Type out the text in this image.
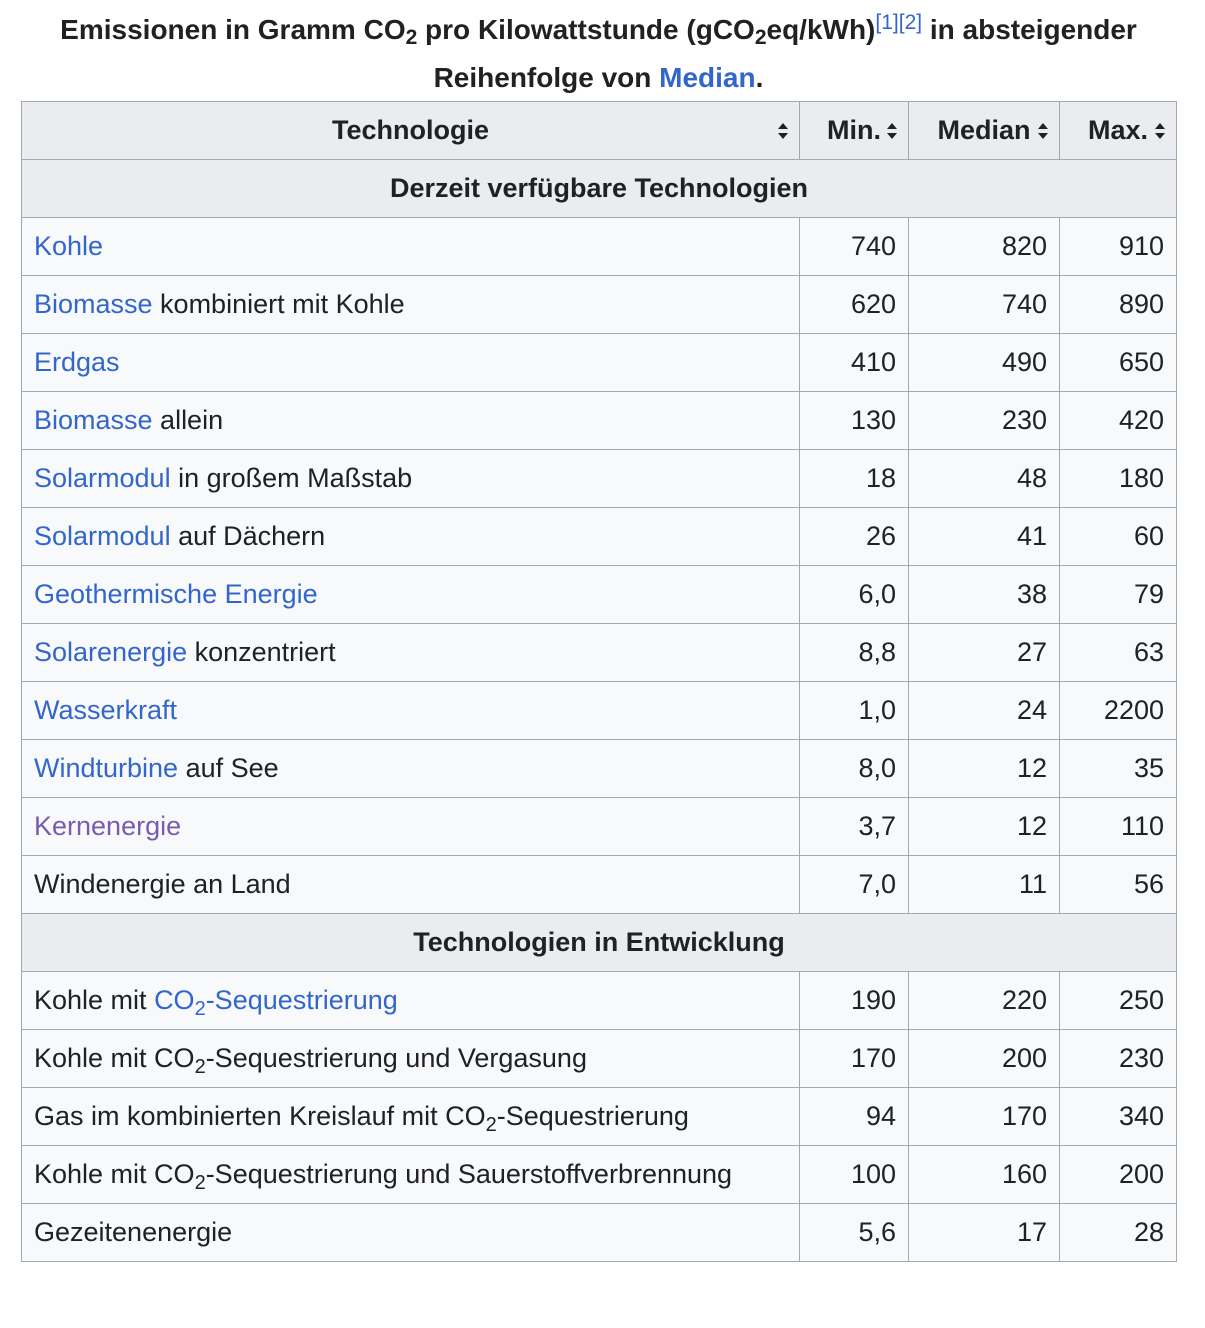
Emissionen in Gramm $CO_2$ pro Kilowattstunde (gCO$_2$eq/kWh)[1][2] in absteigender Reihenfolge von Median.
Technologie	Min.	Median	Max.

Derzeit verfügbare Technologien			
Kohle	740	820	910
Biomasse kombiniert mit Kohle	620	740	890
Erdgas	410	490	650
Biomasse allein	130	230	420
Solarmodul in großem Maßstab	18	48	180
Solarmodul auf Dächern	26	41	60
Geothermische Energie	6,0	38	79
Solarenergie konzentriert	8,8	27	63
Wasserkraft	1,0	24	2200
Windturbine auf See	8,0	12	35
Kernenergie	3,7	12	110
Windenergie an Land	7,0	11	56
Technologien in Entwicklung			
Kohle mit $CO_2$-Sequestrierung	190	220	250
Kohle mit $CO_2$-Sequestrierung und Vergasung	170	200	230
Gas im kombinierten Kreislauf mit $CO_2$-Sequestrierung	94	170	340
Kohle mit $CO_2$-Sequestrierung und Sauerstoffverbrennung	100	160	200
Gezeitenenergie	5,6	17	28
